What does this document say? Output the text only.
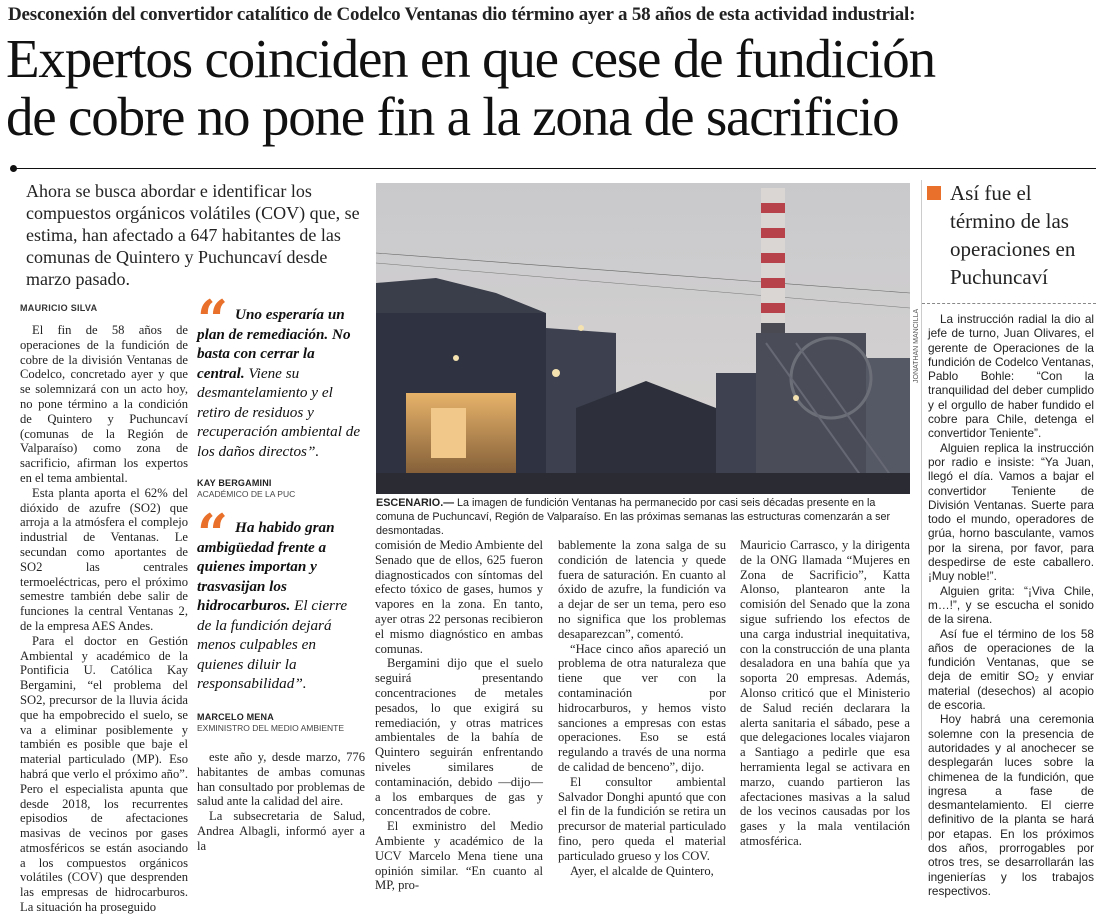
Desconexión del convertidor catalítico de Codelco Ventanas dio término ayer a 58 años de esta actividad industrial:
Expertos coinciden en que cese de fundición
de cobre no pone fin a la zona de sacrificio
Ahora se busca abordar e identificar los compuestos orgánicos volátiles (COV) que, se estima, han afectado a 647 habitantes de las comunas de Quintero y Puchuncaví desde marzo pasado.
MAURICIO SILVA

El fin de 58 años de operaciones de la fundición de cobre de la división Ventanas de Codelco, concretado ayer y que se solemnizará con un acto hoy, no pone término a la condición de Quintero y Puchuncaví (comunas de la Región de Valparaíso) como zona de sacrificio, afirman los expertos en el tema ambiental.

Esta planta aporta el 62% del dióxido de azufre (SO2) que arroja a la atmósfera el complejo industrial de Ventanas. Le secundan como aportantes de SO2 las centrales termoeléctricas, pero el próximo semestre también debe salir de funciones la central Ventanas 2, de la empresa AES Andes.

Para el doctor en Gestión Ambiental y académico de la Pontificia U. Católica Kay Bergamini, “el problema del SO2, precursor de la lluvia ácida que ha empobrecido el suelo, se va a eliminar posiblemente y también es posible que baje el material particulado (MP). Eso habrá que verlo el próximo año”. Pero el especialista apunta que desde 2018, los recurrentes episodios de afectaciones masivas de vecinos por gases atmosféricos se están asociando a los compuestos orgánicos volátiles (COV) que desprenden las empresas de hidrocarburos. La situación ha proseguido

“ Uno esperaría un plan de remediación. No basta con cerrar la central. Viene su desmantelamiento y el retiro de residuos y recuperación ambiental de los daños directos”.
KAY BERGAMINI
ACADÉMICO DE LA PUC
“ Ha habido gran ambigüedad frente a quienes importan y trasvasijan los hidrocarburos. El cierre de la fundición dejará menos culpables en quienes diluir la responsabilidad”.
MARCELO MENA
EXMINISTRO DEL MEDIO AMBIENTE

este año y, desde marzo, 776 habitantes de ambas comunas han consultado por problemas de salud ante la calidad del aire.

La subsecretaria de Salud, Andrea Albagli, informó ayer a la

JONATHAN MANCILLA
ESCENARIO.— La imagen de fundición Ventanas ha permanecido por casi seis décadas presente en la comuna de Puchuncaví, Región de Valparaíso. En las próximas semanas las estructuras comenzarán a ser desmontadas.

comisión de Medio Ambiente del Senado que de ellos, 625 fueron diagnosticados con síntomas del efecto tóxico de gases, humos y vapores en la zona. En tanto, ayer otras 22 personas recibieron el mismo diagnóstico en ambas comunas.

Bergamini dijo que el suelo seguirá presentando concentraciones de metales pesados, lo que exigirá su remediación, y otras matrices ambientales de la bahía de Quintero seguirán enfrentando niveles similares de contaminación, debido —dijo— a los embarques de gas y concentrados de cobre.

El exministro del Medio Ambiente y académico de la UCV Marcelo Mena tiene una opinión similar. “En cuanto al MP, pro-

bablemente la zona salga de su condición de latencia y quede fuera de saturación. En cuanto al óxido de azufre, la fundición va a dejar de ser un tema, pero eso no significa que los problemas desaparezcan”, comentó.

“Hace cinco años apareció un problema de otra naturaleza que tiene que ver con la contaminación por hidrocarburos, y hemos visto sanciones a empresas con estas operaciones. Eso se está regulando a través de una norma de calidad de benceno”, dijo.

El consultor ambiental Salvador Donghi apuntó que con el fin de la fundición se retira un precursor de material particulado fino, pero queda el material particulado grueso y los COV.

Ayer, el alcalde de Quintero,

Mauricio Carrasco, y la dirigenta de la ONG llamada “Mujeres en Zona de Sacrificio”, Katta Alonso, plantearon ante la comisión del Senado que la zona sigue sufriendo los efectos de una carga industrial inequitativa, con la construcción de una planta desaladora en una bahía que ya soporta 20 empresas. Además, Alonso criticó que el Ministerio de Salud recién declarara la alerta sanitaria el sábado, pese a que delegaciones locales viajaron a Santiago a pedirle que esa herramienta legal se activara en marzo, cuando partieron las afectaciones masivas a la salud de los vecinos causadas por los gases y la mala ventilación atmosférica.

Así fue el término de las operaciones en Puchuncaví

La instrucción radial la dio al jefe de turno, Juan Olivares, el gerente de Operaciones de la fundición de Codelco Ventanas, Pablo Bohle: “Con la tranquilidad del deber cumplido y el orgullo de haber fundido el cobre para Chile, detenga el convertidor Teniente”.

Alguien replica la instrucción por radio e insiste: “Ya Juan, llegó el día. Vamos a bajar el convertidor Teniente de División Ventanas. Suerte para todo el mundo, operadores de grúa, horno basculante, vamos por la sirena, por favor, para despedirse de este caballero. ¡Muy noble!”.

Alguien grita: “¡Viva Chile, m…!”, y se escucha el sonido de la sirena.

Así fue el término de los 58 años de operaciones de la fundición Ventanas, que se deja de emitir SO₂ y enviar material (desechos) al acopio de escoria.

Hoy habrá una ceremonia solemne con la presencia de autoridades y al anochecer se desplegarán luces sobre la chimenea de la fundición, que ingresa a fase de desmantelamiento. El cierre definitivo de la planta se hará por etapas. En los próximos dos años, prorrogables por otros tres, se desarrollarán las ingenierías y los trabajos respectivos.
